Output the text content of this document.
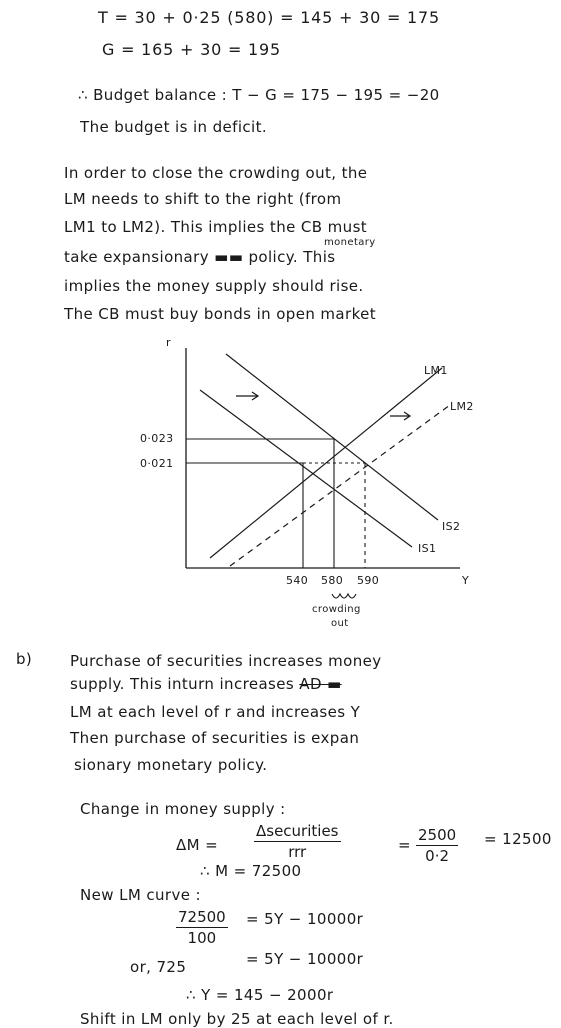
T = 30 + 0·25 (580) = 145 + 30 = 175
G = 165 + 30 = 195
∴ Budget balance : T − G = 175 − 195 = −20
The budget is in deficit.
In order to close the crowding out, the
LM needs to shift to the right (from
LM1 to LM2). This implies the CB must
monetary
take expansionary ▬▬ policy. This
implies the money supply should rise.
The CB must buy bonds in open market
r
Y
LM1
LM2
IS2
IS1
0·023
0·021
540 580 590
crowding
out
b)	Purchase of securities increases money
supply. This inturn increases AD ▬
LM at each level of r and increases Y
Then purchase of securities is expan
sionary monetary policy.
Change in money supply :
ΔM =
Δsecurities
rrr	= $\frac{2500}{0\cdot 2} = 12500$
∴ M = 72500
New LM curve :
$\frac{72500}{100} = 5Y - 10000r$
or, 725	= 5Y − 10000r
∴ Y = 145 − 2000r
Shift in LM only by 25 at each level of r.
